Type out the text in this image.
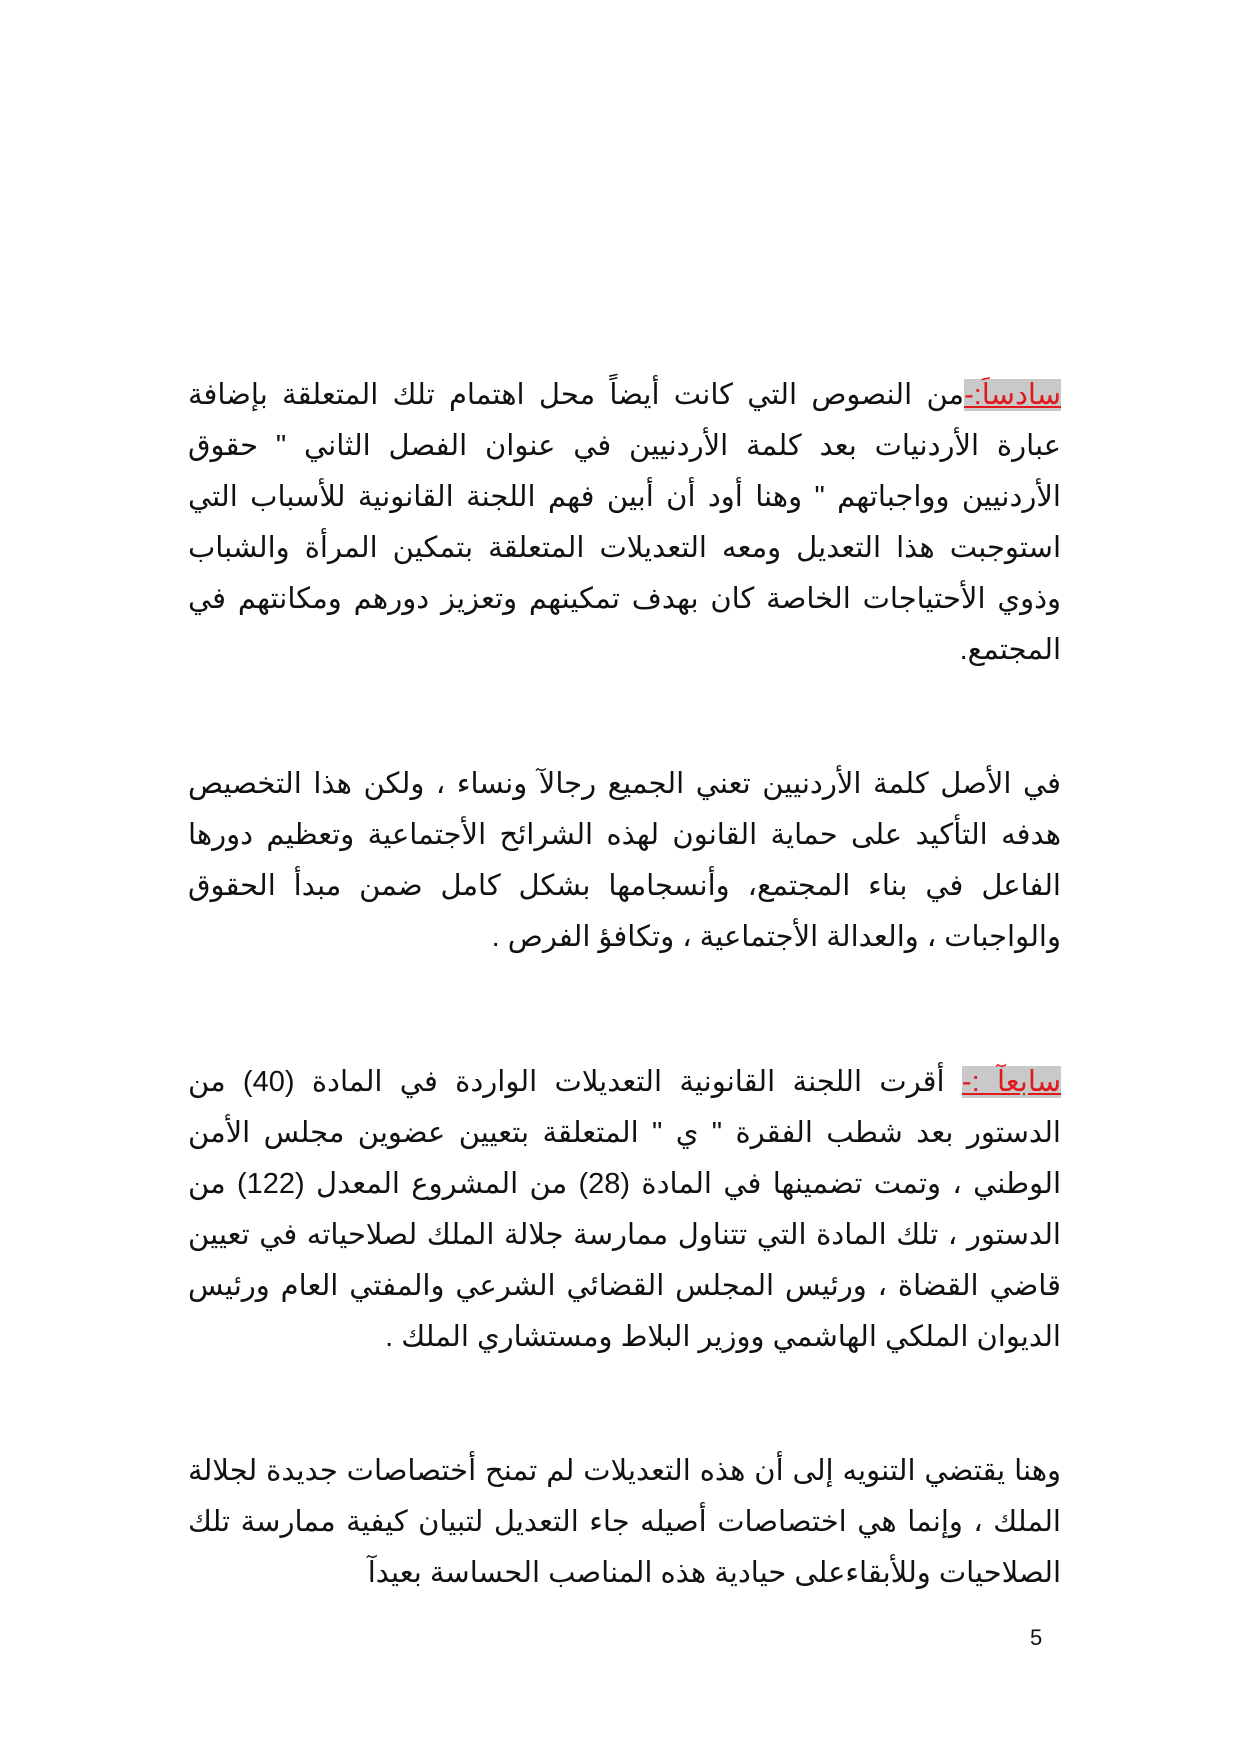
سادساَ:-من النصوص التي كانت أيضاً محل اهتمام تلك المتعلقة بإضافة عبارة الأردنيات بعد كلمة الأردنيين في عنوان الفصل الثاني " حقوق الأردنيين وواجباتهم " وهنا أود أن أبين فهم اللجنة القانونية للأسباب التي استوجبت هذا التعديل ومعه التعديلات المتعلقة بتمكين المرأة والشباب وذوي الأحتياجات الخاصة كان بهدف تمكينهم وتعزيز دورهم ومكانتهم في المجتمع.

في الأصل كلمة الأردنيين تعني الجميع رجالآ ونساء ، ولكن هذا التخصيص هدفه التأكيد على حماية القانون لهذه الشرائح الأجتماعية وتعظيم دورها الفاعل في بناء المجتمع، وأنسجامها بشكل كامل ضمن مبدأ الحقوق والواجبات ، والعدالة الأجتماعية ، وتكافؤ الفرص .

سابعآ :- أقرت اللجنة القانونية التعديلات الواردة في المادة (40) من الدستور بعد شطب الفقرة " ي " المتعلقة بتعيين عضوين مجلس الأمن الوطني ، وتمت تضمينها في المادة (28) من المشروع المعدل (122) من الدستور ، تلك المادة التي تتناول ممارسة جلالة الملك لصلاحياته في تعيين قاضي القضاة ، ورئيس المجلس القضائي الشرعي والمفتي العام ورئيس الديوان الملكي الهاشمي ووزير البلاط ومستشاري الملك .

وهنا يقتضي التنويه إلى أن هذه التعديلات لم تمنح أختصاصات جديدة لجلالة الملك ، وإنما هي اختصاصات أصيله جاء التعديل لتبيان كيفية ممارسة تلك الصلاحيات وللأبقاءعلى حيادية هذه المناصب الحساسة بعيدآ

5
